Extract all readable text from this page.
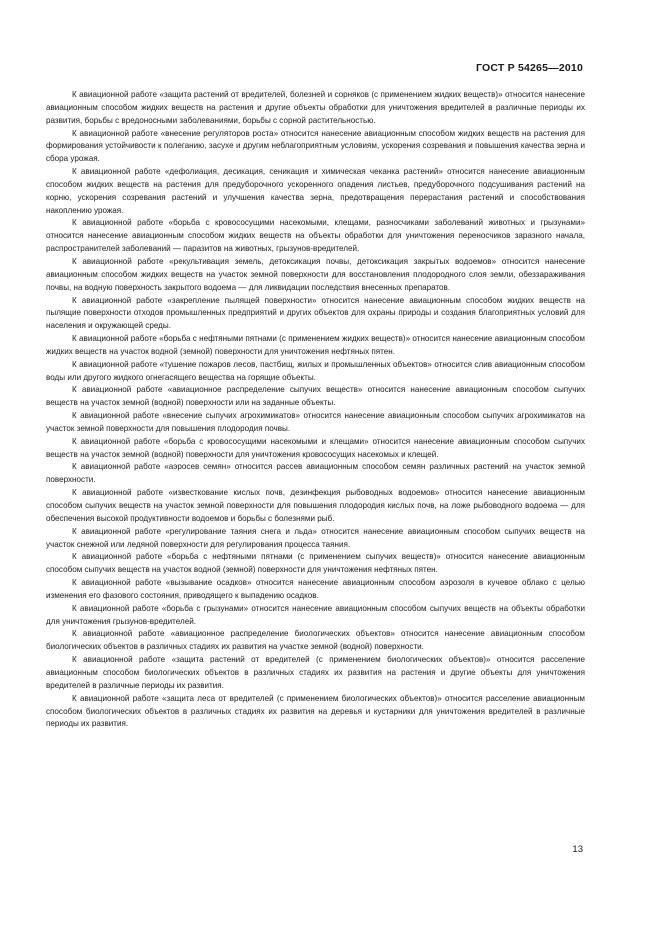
ГОСТ Р 54265—2010

К авиационной работе «защита растений от вредителей, болезней и сорняков (с применением жидких веществ)» относится нанесение авиационным способом жидких веществ на растения и другие объекты обработки для уничтожения вредителей в различные периоды их развития, борьбы с вредоносными заболеваниями, борьбы с сорной растительностью.

К авиационной работе «внесение регуляторов роста» относится нанесение авиационным способом жидких веществ на растения для формирования устойчивости к полеганию, засухе и другим неблагоприятным условиям, ускорения созревания и повышения качества зерна и сбора урожая.

К авиационной работе «дефолиация, десикация, сеникация и химическая чеканка растений» относится нанесение авиационным способом жидких веществ на растения для предуборочного ускоренного опадения листьев, предуборочного подсушивания растений на корню, ускорения созревания растений и улучшения качества зерна, предотвращения перерастания растений и способствования накоплению урожая.

К авиационной работе «борьба с кровососущими насекомыми, клещами, разносчиками заболеваний животных и грызунами» относится нанесение авиационным способом жидких веществ на объекты обработки для уничтожения переносчиков заразного начала, распространителей заболеваний — паразитов на животных, грызунов-вредителей.

К авиационной работе «рекультивация земель, детоксикация почвы, детоксикация закрытых водоемов» относится нанесение авиационным способом жидких веществ на участок земной поверхности для восстановления плодородного слоя земли, обеззараживания почвы, на водную поверхность закрытого водоема — для ликвидации последствия внесенных препаратов.

К авиационной работе «закрепление пылящей поверхности» относится нанесение авиационным способом жидких веществ на пылящие поверхности отходов промышленных предприятий и других объектов для охраны природы и создания благоприятных условий для населения и окружающей среды.

К авиационной работе «борьба с нефтяными пятнами (с применением жидких веществ)» относится нанесение авиационным способом жидких веществ на участок водной (земной) поверхности для уничтожения нефтяных пятен.

К авиационной работе «тушение пожаров лесов, пастбищ, жилых и промышленных объектов» относится слив авиационным способом воды или другого жидкого огнегасящего вещества на горящие объекты.

К авиационной работе «авиационное распределение сыпучих веществ» относится нанесение авиационным способом сыпучих веществ на участок земной (водной) поверхности или на заданные объекты.

К авиационной работе «внесение сыпучих агрохимикатов» относится нанесение авиационным способом сыпучих агрохимикатов на участок земной поверхности для повышения плодородия почвы.

К авиационной работе «борьба с кровососущими насекомыми и клещами» относится нанесение авиационным способом сыпучих веществ на участок земной (водной) поверхности для уничтожения кровососущих насекомых и клещей.

К авиационной работе «аэросев семян» относится рассев авиационным способом семян различных растений на участок земной поверхности.

К авиационной работе «известкование кислых почв, дезинфекция рыбоводных водоемов» относится нанесение авиационным способом сыпучих веществ на участок земной поверхности для повышения плодородия кислых почв, на ложе рыбоводного водоема — для обеспечения высокой продуктивности водоемов и борьбы с болезнями рыб.

К авиационной работе «регулирование таяния снега и льда» относится нанесение авиационным способом сыпучих веществ на участок снежной или ледяной поверхности для регулирования процесса таяния.

К авиационной работе «борьба с нефтяными пятнами (с применением сыпучих веществ)» относится нанесение авиационным способом сыпучих веществ на участок водной (земной) поверхности для уничтожения нефтяных пятен.

К авиационной работе «вызывание осадков» относится нанесение авиационным способом аэрозоля в кучевое облако с целью изменения его фазового состояния, приводящего к выпадению осадков.

К авиационной работе «борьба с грызунами» относится нанесение авиационным способом сыпучих веществ на объекты обработки для уничтожения грызунов-вредителей.

К авиационной работе «авиационное распределение биологических объектов» относится нанесение авиационным способом биологических объектов в различных стадиях их развития на участке земной (водной) поверхности.

К авиационной работе «защита растений от вредителей (с применением биологических объектов)» относится расселение авиационным способом биологических объектов в различных стадиях их развития на растения и другие объекты для уничтожения вредителей в различные периоды их развития.

К авиационной работе «защита леса от вредителей (с применением биологических объектов)» относится расселение авиационным способом биологических объектов в различных стадиях их развития на деревья и кустарники для уничтожения вредителей в различные периоды их развития.

13
